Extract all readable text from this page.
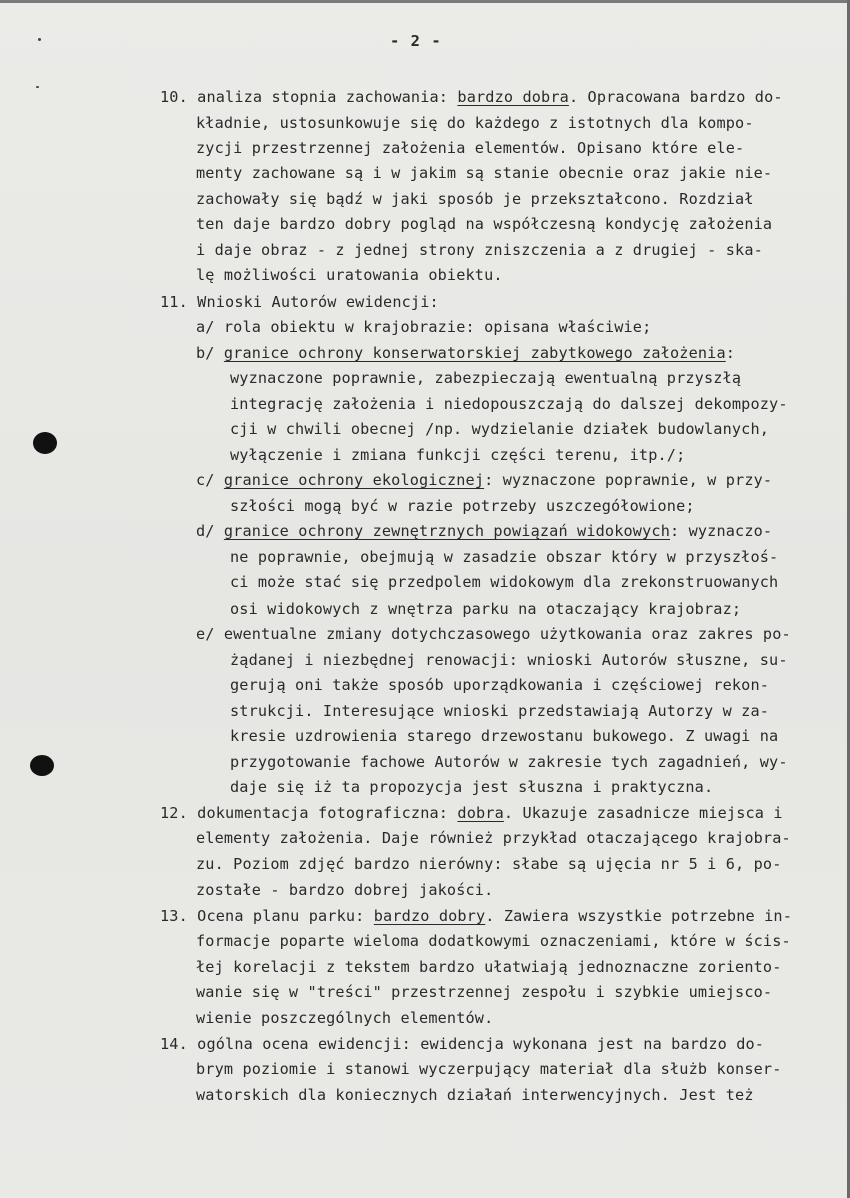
- 2 -
10. analiza stopnia zachowania: bardzo dobra. Opracowana bardzo do-
kładnie, ustosunkowuje się do każdego z istotnych dla kompo-
zycji przestrzennej założenia elementów. Opisano które ele-
menty zachowane są i w jakim są stanie obecnie oraz jakie nie-
zachowały się bądź w jaki sposób je przekształcono. Rozdział
ten daje bardzo dobry pogląd na współczesną kondycję założenia
i daje obraz - z jednej strony zniszczenia a z drugiej - ska-
lę możliwości uratowania obiektu.
11. Wnioski Autorów ewidencji:
a/ rola obiektu w krajobrazie: opisana właściwie;
b/ granice ochrony konserwatorskiej zabytkowego założenia:
wyznaczone poprawnie, zabezpieczają ewentualną przyszłą
integrację założenia i niedopouszczają do dalszej dekompozy-
cji w chwili obecnej /np. wydzielanie działek budowlanych,
wyłączenie i zmiana funkcji części terenu, itp./;
c/ granice ochrony ekologicznej: wyznaczone poprawnie, w przy-
szłości mogą być w razie potrzeby uszczegółowione;
d/ granice ochrony zewnętrznych powiązań widokowych: wyznaczo-
ne poprawnie, obejmują w zasadzie obszar który w przyszłoś-
ci może stać się przedpolem widokowym dla zrekonstruowanych
osi widokowych z wnętrza parku na otaczający krajobraz;
e/ ewentualne zmiany dotychczasowego użytkowania oraz zakres po-
żądanej i niezbędnej renowacji: wnioski Autorów słuszne, su-
gerują oni także sposób uporządkowania i częściowej rekon-
strukcji. Interesujące wnioski przedstawiają Autorzy w za-
kresie uzdrowienia starego drzewostanu bukowego. Z uwagi na
przygotowanie fachowe Autorów w zakresie tych zagadnień, wy-
daje się iż ta propozycja jest słuszna i praktyczna.
12. dokumentacja fotograficzna: dobra. Ukazuje zasadnicze miejsca i
elementy założenia. Daje również przykład otaczającego krajobra-
zu. Poziom zdjęć bardzo nierówny: słabe są ujęcia nr 5 i 6, po-
zostałe - bardzo dobrej jakości.
13. Ocena planu parku: bardzo dobry. Zawiera wszystkie potrzebne in-
formacje poparte wieloma dodatkowymi oznaczeniami, które w ścis-
łej korelacji z tekstem bardzo ułatwiają jednoznaczne zoriento-
wanie się w "treści" przestrzennej zespołu i szybkie umiejsco-
wienie poszczególnych elementów.
14. ogólna ocena ewidencji: ewidencja wykonana jest na bardzo do-
brym poziomie i stanowi wyczerpujący materiał dla służb konser-
watorskich dla koniecznych działań interwencyjnych. Jest też
